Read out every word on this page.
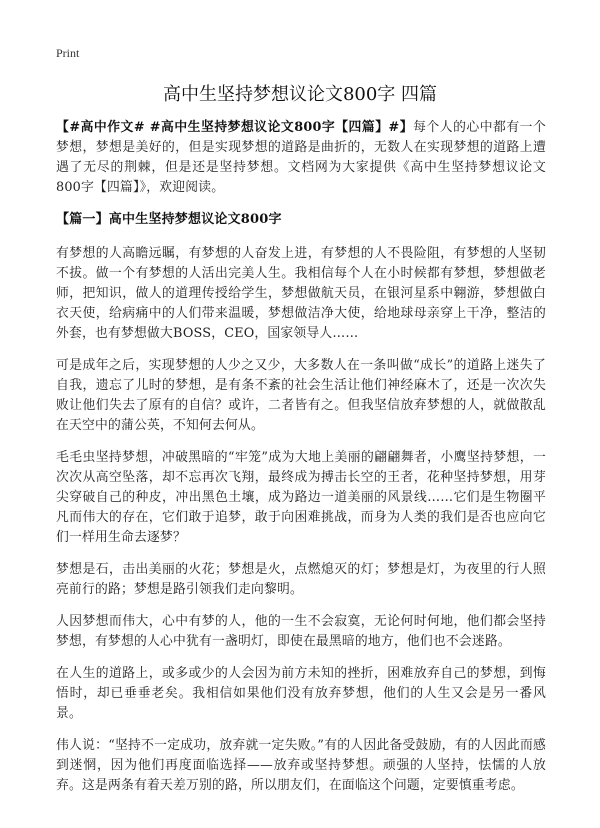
Print
高中生坚持梦想议论文800字 四篇

【#高中作文# #高中生坚持梦想议论文800字【四篇】#】每个人的心中都有一个梦想，梦想是美好的，但是实现梦想的道路是曲折的，无数人在实现梦想的道路上遭遇了无尽的荆棘，但是还是坚持梦想。文档网为大家提供《高中生坚持梦想议论文800字【四篇】》，欢迎阅读。

【篇一】高中生坚持梦想议论文800字

有梦想的人高瞻远瞩，有梦想的人奋发上进，有梦想的人不畏险阻，有梦想的人坚韧不拔。做一个有梦想的人活出完美人生。我相信每个人在小时候都有梦想，梦想做老师，把知识，做人的道理传授给学生，梦想做航天员，在银河星系中翱游，梦想做白衣天使，给病痛中的人们带来温暖，梦想做洁净大使，给地球母亲穿上干净，整洁的外套，也有梦想做大BOSS，CEO，国家领导人……

可是成年之后，实现梦想的人少之又少，大多数人在一条叫做“成长”的道路上迷失了自我，遗忘了儿时的梦想，是有条不紊的社会生活让他们神经麻木了，还是一次次失败让他们失去了原有的自信？或许，二者皆有之。但我坚信放弃梦想的人，就做散乱在天空中的蒲公英，不知何去何从。

毛毛虫坚持梦想，冲破黑暗的“牢笼”成为大地上美丽的翩翩舞者，小鹰坚持梦想，一次次从高空坠落，却不忘再次飞翔，最终成为搏击长空的王者，花种坚持梦想，用芽尖穿破自己的种皮，冲出黑色土壤，成为路边一道美丽的风景线……它们是生物圈平凡而伟大的存在，它们敢于追梦，敢于向困难挑战，而身为人类的我们是否也应向它们一样用生命去逐梦？

梦想是石，击出美丽的火花；梦想是火，点燃熄灭的灯；梦想是灯，为夜里的行人照亮前行的路；梦想是路引领我们走向黎明。

人因梦想而伟大，心中有梦的人，他的一生不会寂寞，无论何时何地，他们都会坚持梦想，有梦想的人心中犹有一盏明灯，即使在最黑暗的地方，他们也不会迷路。

在人生的道路上，或多或少的人会因为前方未知的挫折，困难放弃自己的梦想，到悔悟时，却已垂垂老矣。我相信如果他们没有放弃梦想，他们的人生又会是另一番风景。

伟人说：“坚持不一定成功，放弃就一定失败。”有的人因此备受鼓励，有的人因此而感到迷惘，因为他们再度面临选择——放弃或坚持梦想。顽强的人坚持，怯懦的人放弃。这是两条有着天差万别的路，所以朋友们，在面临这个问题，定要慎重考虑。
